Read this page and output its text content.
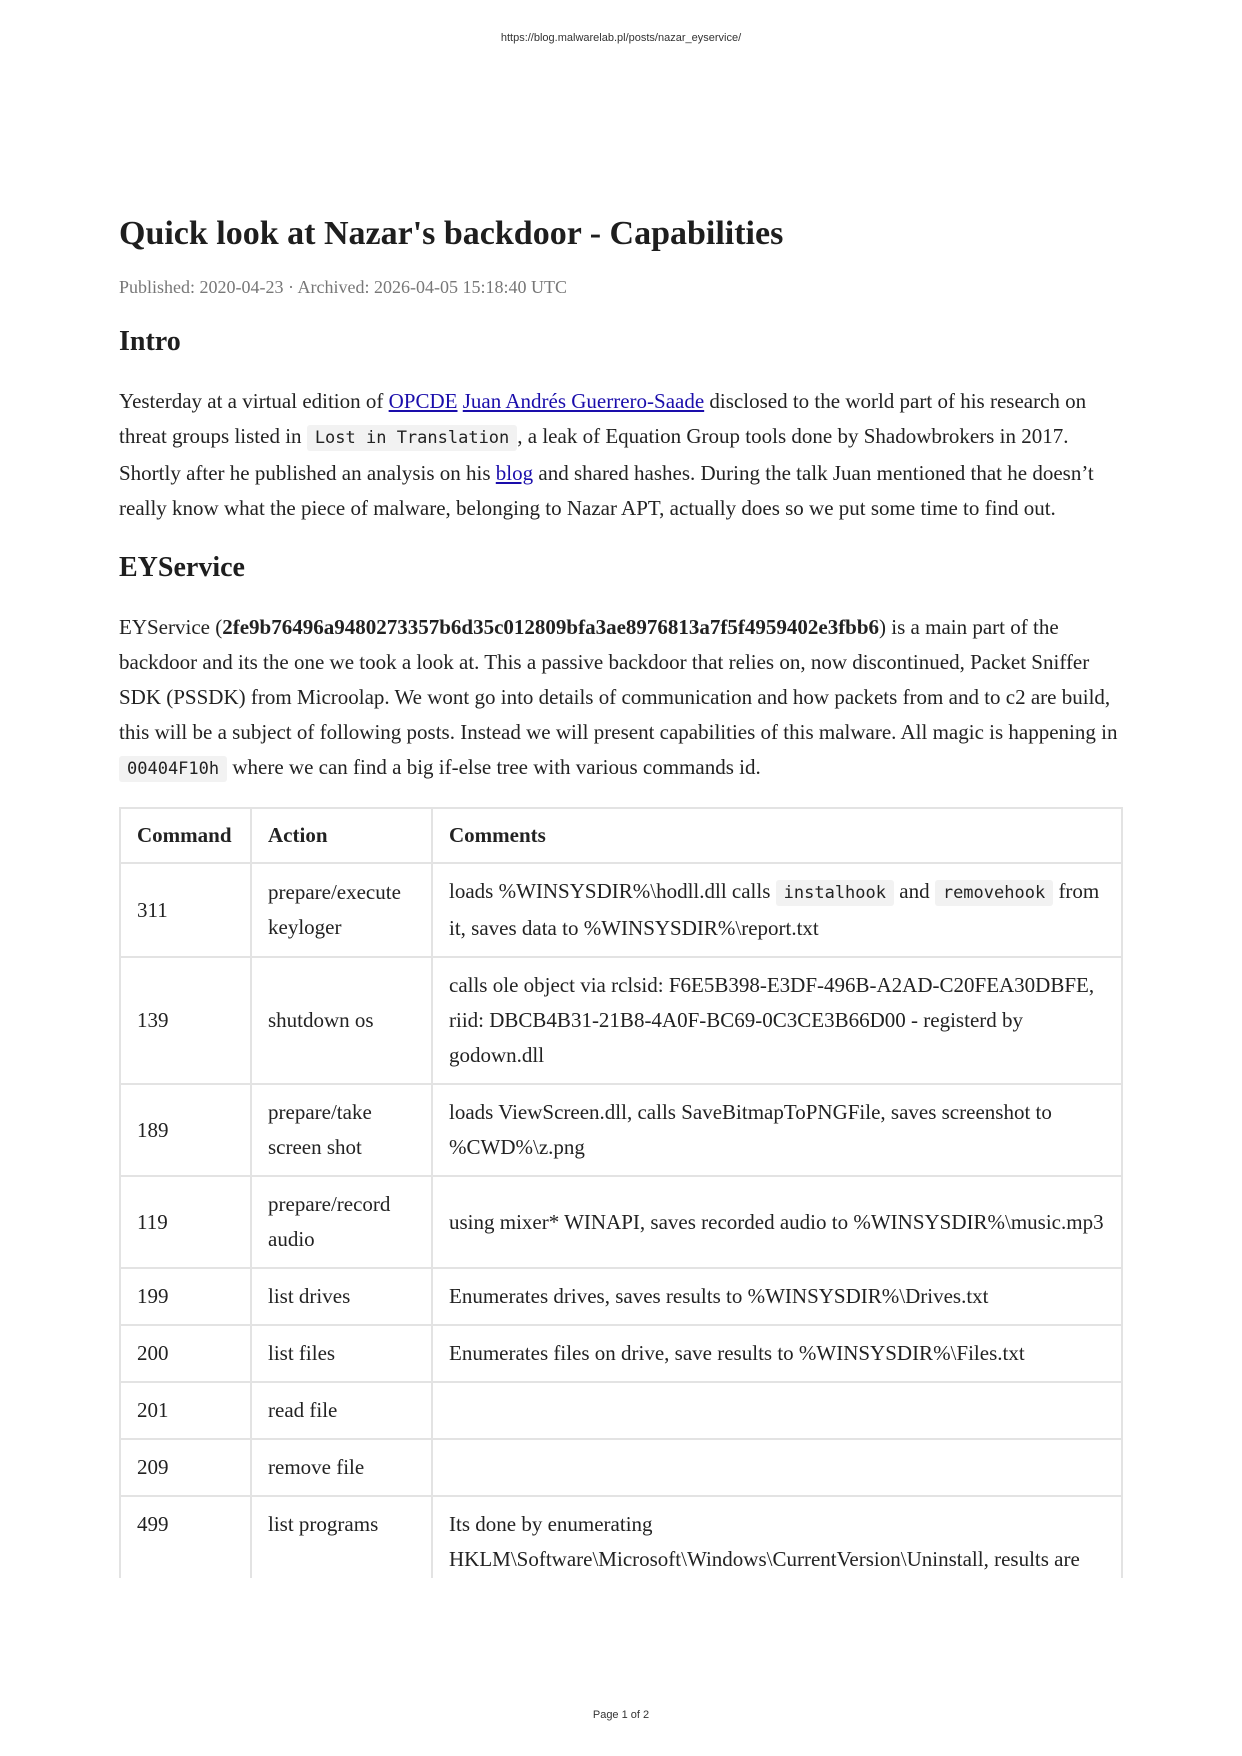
https://blog.malwarelab.pl/posts/nazar_eyservice/
Quick look at Nazar's backdoor - Capabilities
Published: 2020-04-23 · Archived: 2026-04-05 15:18:40 UTC
Intro

Yesterday at a virtual edition of OPCDE Juan Andrés Guerrero-Saade disclosed to the world part of his research on threat groups listed in Lost in Translation , a leak of Equation Group tools done by Shadowbrokers in 2017. Shortly after he published an analysis on his blog and shared hashes. During the talk Juan mentioned that he doesn’t really know what the piece of malware, belonging to Nazar APT, actually does so we put some time to find out.

EYService

EYService (2fe9b76496a9480273357b6d35c012809bfa3ae8976813a7f5f4959402e3fbb6) is a main part of the backdoor and its the one we took a look at. This a passive backdoor that relies on, now discontinued, Packet Sniffer SDK (PSSDK) from Microolap. We wont go into details of communication and how packets from and to c2 are build, this will be a subject of following posts. Instead we will present capabilities of this malware. All magic is happening in 00404F10h where we can find a big if-else tree with various commands id.

Command	Action	Comments
311	prepare/execute keyloger	loads %WINSYSDIR%\hodll.dll calls instalhook and removehook from it, saves data to %WINSYSDIR%\report.txt
139	shutdown os	calls ole object via rclsid: F6E5B398-E3DF-496B-A2AD-C20FEA30DBFE, riid: DBCB4B31-21B8-4A0F-BC69-0C3CE3B66D00 - registerd by godown.dll
189	prepare/take screen shot	loads ViewScreen.dll, calls SaveBitmapToPNGFile, saves screenshot to %CWD%\z.png
119	prepare/record audio	using mixer* WINAPI, saves recorded audio to %WINSYSDIR%\music.mp3
199	list drives	Enumerates drives, saves results to %WINSYSDIR%\Drives.txt
200	list files	Enumerates files on drive, save results to %WINSYSDIR%\Files.txt
201	read file	
209	remove file	
499	list programs	Its done by enumerating HKLM\Software\Microsoft\Windows\CurrentVersion\Uninstall, results are
Page 1 of 2
